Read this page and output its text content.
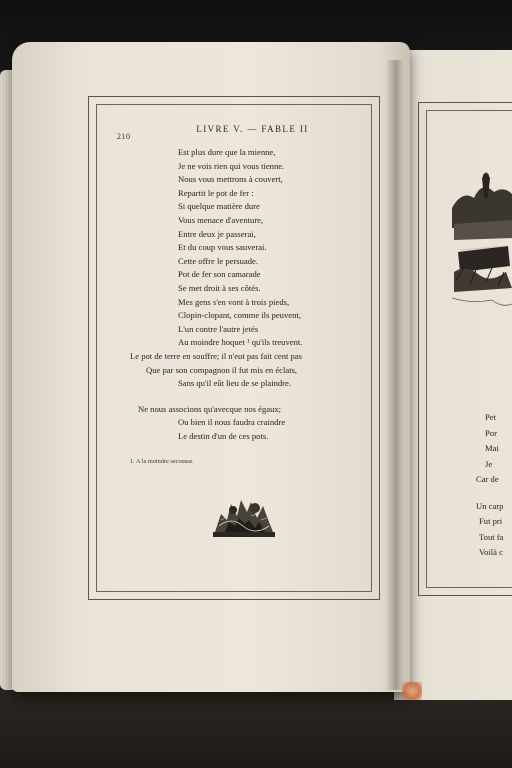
210
LIVRE V. — FABLE II
Est plus dure que la mienne,
Je ne vois rien qui vous tienne.
Nous vous mettrons à couvert,
Repartit le pot de fer :
Si quelque matière dure
Vous menace d'aventure,
Entre deux je passerai,
Et du coup vous sauverai.
Cette offre le persuade.
Pot de fer son camarade
Se met droit à ses côtés.
Mes gens s'en vont à trois pieds,
Clopin-clopant, comme ils peuvent,
L'un contre l'autre jetés
Au moindre hoquet ¹ qu'ils treuvent.
Le pot de terre en souffre; il n'eut pas fait cent pas
Que par son compagnon il fut mis en éclats,
Sans qu'il eût lieu de se plaindre.
Ne nous associons qu'avecque nos égaux;
Ou bien il nous faudra craindre
Le destin d'un de ces pots.
1. A la moindre secousse.
Pet
Por
Mai
Je
Car de
Un carp
Fut pri
Tout fa
Voilà c
